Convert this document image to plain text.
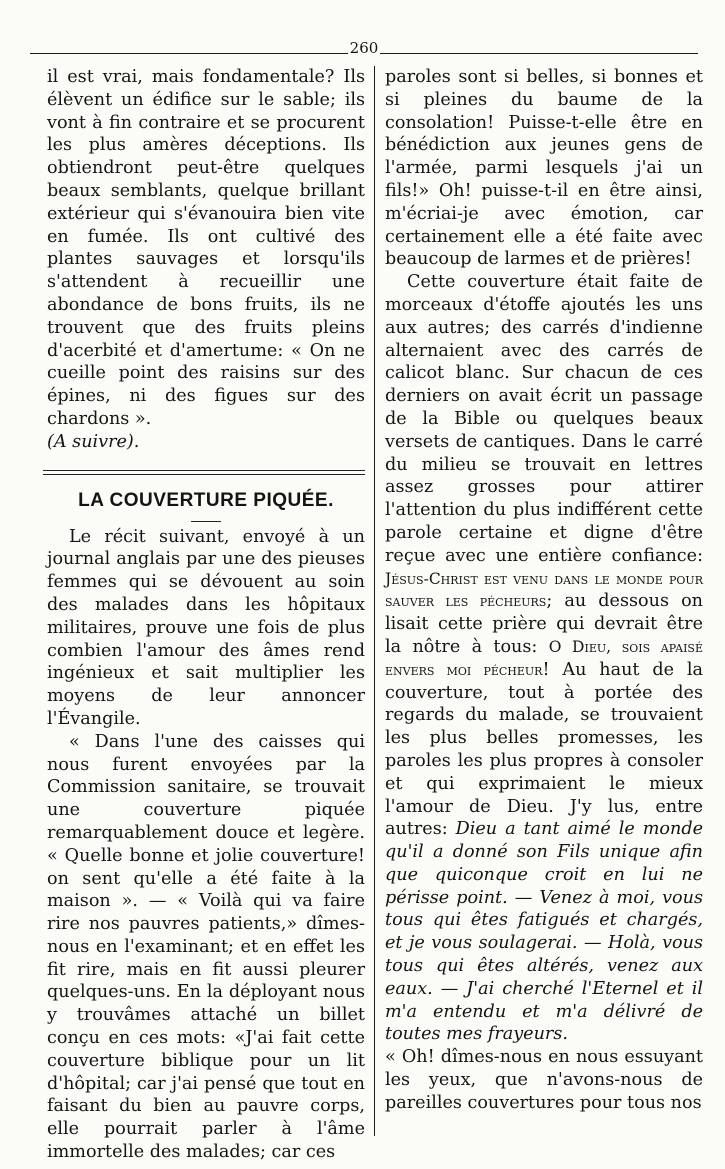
260

il est vrai, mais fondamentale? Ils élèvent un édifice sur le sable; ils vont à fin contraire et se procurent les plus amères déceptions. Ils obtiendront peut-être quelques beaux semblants, quelque brillant extérieur qui s'évanouira bien vite en fumée. Ils ont cultivé des plantes sauvages et lorsqu'ils s'attendent à recueillir une abondance de bons fruits, ils ne trouvent que des fruits pleins d'acerbité et d'amertume: « On ne cueille point des raisins sur des épines, ni des figues sur des chardons ».

(A suivre).

LA COUVERTURE PIQUÉE.

Le récit suivant, envoyé à un journal anglais par une des pieuses femmes qui se dévouent au soin des malades dans les hôpitaux militaires, prouve une fois de plus combien l'amour des âmes rend ingénieux et sait multiplier les moyens de leur annoncer l'Évangile.

« Dans l'une des caisses qui nous furent envoyées par la Commission sanitaire, se trouvait une couverture piquée remarquablement douce et legère. « Quelle bonne et jolie couverture! on sent qu'elle a été faite à la maison ». — « Voilà qui va faire rire nos pauvres patients,» dîmes-nous en l'examinant; et en effet les fit rire, mais en fit aussi pleurer quelques-uns. En la déployant nous y trouvâmes attaché un billet conçu en ces mots: «J'ai fait cette couverture biblique pour un lit d'hôpital; car j'ai pensé que tout en faisant du bien au pauvre corps, elle pourrait parler à l'âme immortelle des malades; car ces

paroles sont si belles, si bonnes et si pleines du baume de la consolation! Puisse-t-elle être en bénédiction aux jeunes gens de l'armée, parmi lesquels j'ai un fils!» Oh! puisse-t-il en être ainsi, m'écriai-je avec émotion, car certainement elle a été faite avec beaucoup de larmes et de prières!

Cette couverture était faite de morceaux d'étoffe ajoutés les uns aux autres; des carrés d'indienne alternaient avec des carrés de calicot blanc. Sur chacun de ces derniers on avait écrit un passage de la Bible ou quelques beaux versets de cantiques. Dans le carré du milieu se trouvait en lettres assez grosses pour attirer l'attention du plus indifférent cette parole certaine et digne d'être reçue avec une entière confiance: Jésus-Christ est venu dans le monde pour sauver les pécheurs; au dessous on lisait cette prière qui devrait être la nôtre à tous: O Dieu, sois apaisé envers moi pécheur! Au haut de la couverture, tout à portée des regards du malade, se trouvaient les plus belles promesses, les paroles les plus propres à consoler et qui exprimaient le mieux l'amour de Dieu. J'y lus, entre autres: Dieu a tant aimé le monde qu'il a donné son Fils unique afin que quiconque croit en lui ne périsse point. — Venez à moi, vous tous qui êtes fatigués et chargés, et je vous soulagerai. — Holà, vous tous qui êtes altérés, venez aux eaux. — J'ai cherché l'Eternel et il m'a entendu et m'a délivré de toutes mes frayeurs.

« Oh! dîmes-nous en nous essuyant les yeux, que n'avons-nous de pareilles couvertures pour tous nos
